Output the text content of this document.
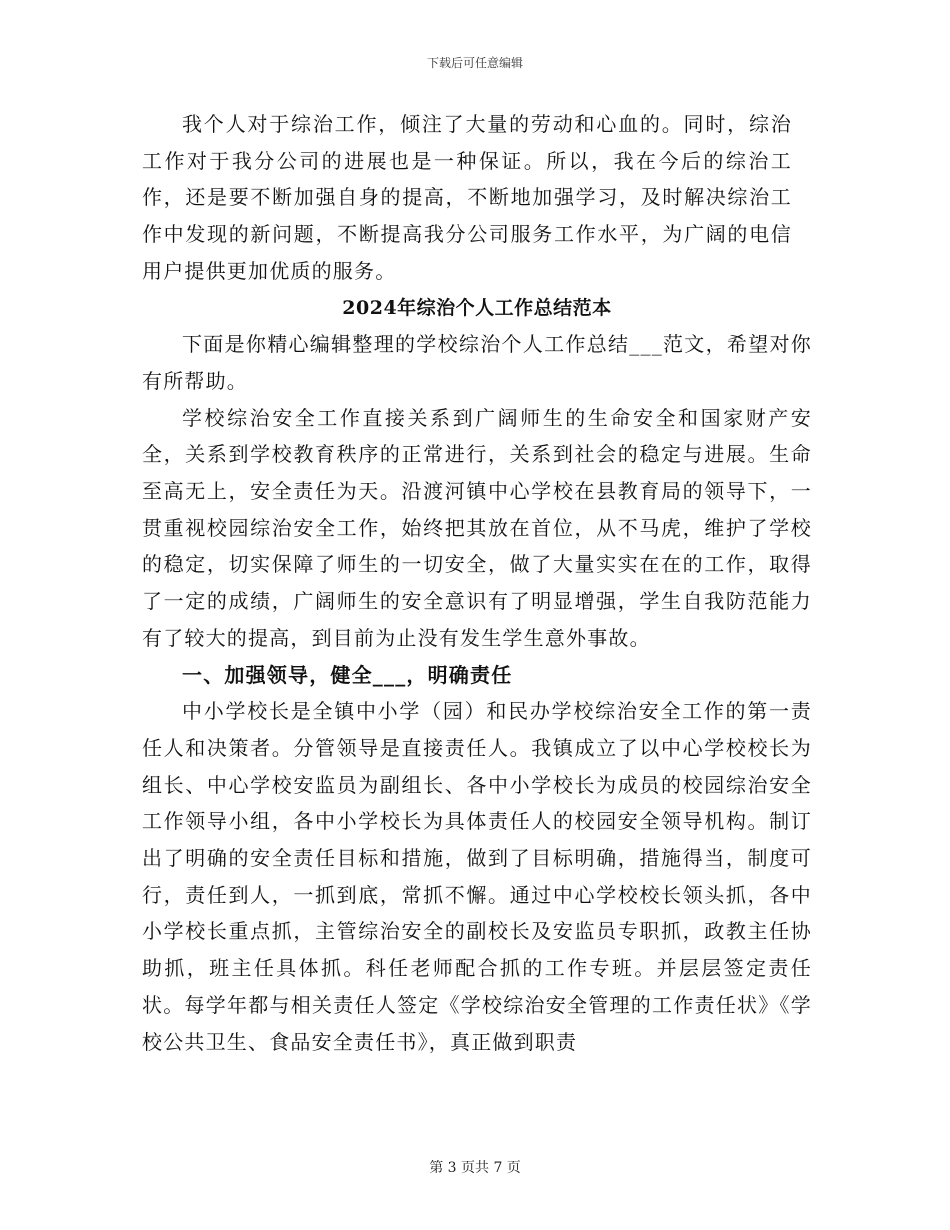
下载后可任意编辑

我个人对于综治工作，倾注了大量的劳动和心血的。同时，综治工作对于我分公司的进展也是一种保证。所以，我在今后的综治工作，还是要不断加强自身的提高，不断地加强学习，及时解决综治工作中发现的新问题，不断提高我分公司服务工作水平，为广阔的电信用户提供更加优质的服务。

2024年综治个人工作总结范本

下面是你精心编辑整理的学校综治个人工作总结___范文，希望对你有所帮助。

学校综治安全工作直接关系到广阔师生的生命安全和国家财产安全，关系到学校教育秩序的正常进行，关系到社会的稳定与进展。生命至高无上，安全责任为天。沿渡河镇中心学校在县教育局的领导下，一贯重视校园综治安全工作，始终把其放在首位，从不马虎，维护了学校的稳定，切实保障了师生的一切安全，做了大量实实在在的工作，取得了一定的成绩，广阔师生的安全意识有了明显增强，学生自我防范能力有了较大的提高，到目前为止没有发生学生意外事故。

一、加强领导，健全___，明确责任

中小学校长是全镇中小学（园）和民办学校综治安全工作的第一责任人和决策者。分管领导是直接责任人。我镇成立了以中心学校校长为组长、中心学校安监员为副组长、各中小学校长为成员的校园综治安全工作领导小组，各中小学校长为具体责任人的校园安全领导机构。制订出了明确的安全责任目标和措施，做到了目标明确，措施得当，制度可行，责任到人，一抓到底，常抓不懈。通过中心学校校长领头抓，各中小学校长重点抓，主管综治安全的副校长及安监员专职抓，政教主任协助抓，班主任具体抓。科任老师配合抓的工作专班。并层层签定责任状。每学年都与相关责任人签定《学校综治安全管理的工作责任状》《学校公共卫生、食品安全责任书》，真正做到职责

第 3 页共 7 页
